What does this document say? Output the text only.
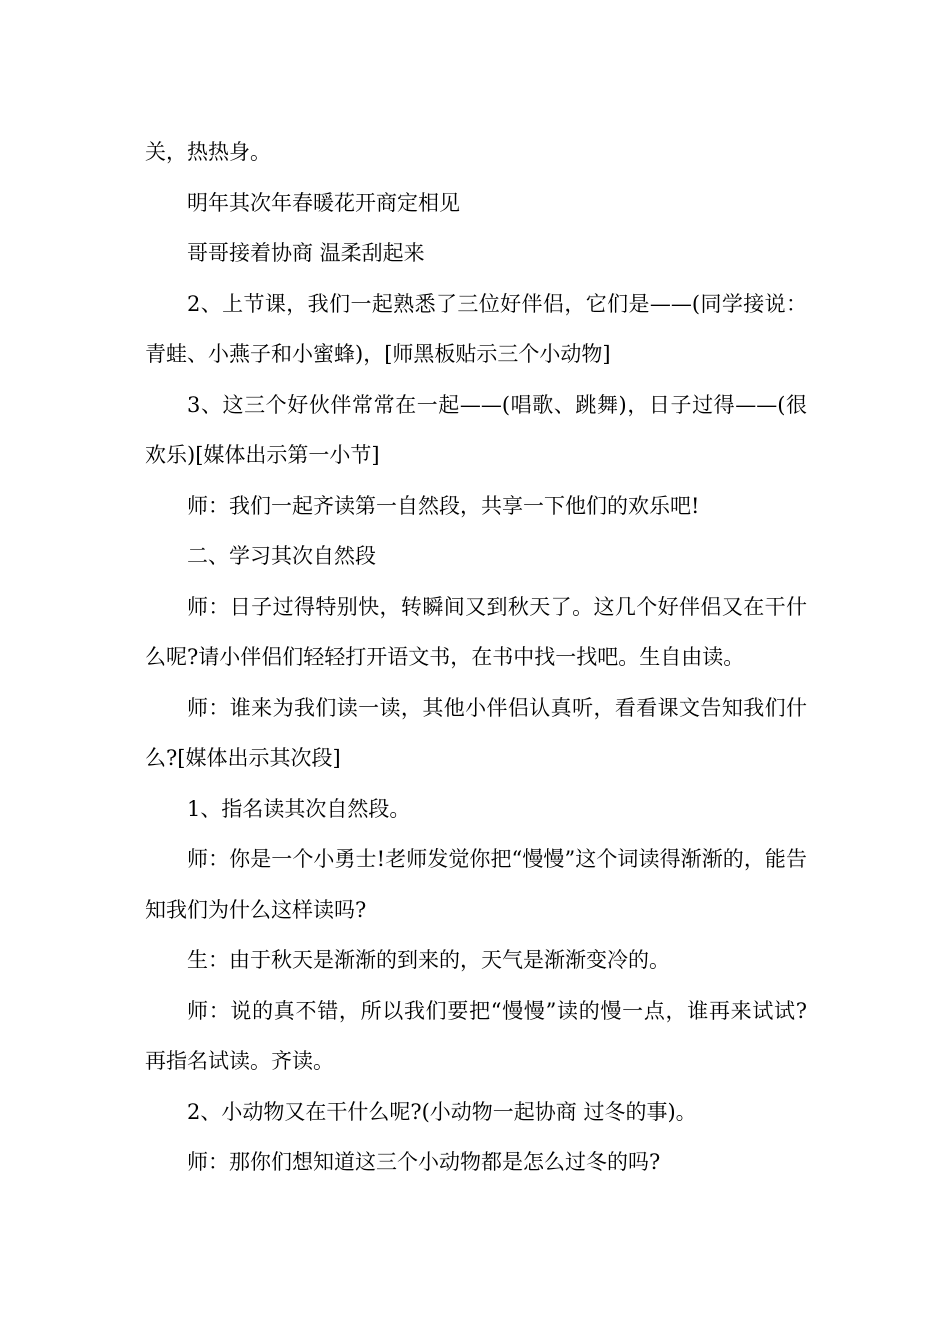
关，热热身。

明年其次年春暖花开商定相见

哥哥接着协商 温柔刮起来

2、上节课，我们一起熟悉了三位好伴侣，它们是——(同学接说：青蛙、小燕子和小蜜蜂)，[师黑板贴示三个小动物]

3、这三个好伙伴常常在一起——(唱歌、跳舞)，日子过得——(很欢乐)[媒体出示第一小节]

师：我们一起齐读第一自然段，共享一下他们的欢乐吧!

二、学习其次自然段

师：日子过得特别快，转瞬间又到秋天了。这几个好伴侣又在干什么呢?请小伴侣们轻轻打开语文书，在书中找一找吧。生自由读。

师：谁来为我们读一读，其他小伴侣认真听，看看课文告知我们什么?[媒体出示其次段]

1、指名读其次自然段。

师：你是一个小勇士!老师发觉你把“慢慢”这个词读得渐渐的，能告知我们为什么这样读吗?

生：由于秋天是渐渐的到来的，天气是渐渐变冷的。

师：说的真不错，所以我们要把“慢慢”读的慢一点，谁再来试试?再指名试读。齐读。

2、小动物又在干什么呢?(小动物一起协商 过冬的事)。

师：那你们想知道这三个小动物都是怎么过冬的吗?
